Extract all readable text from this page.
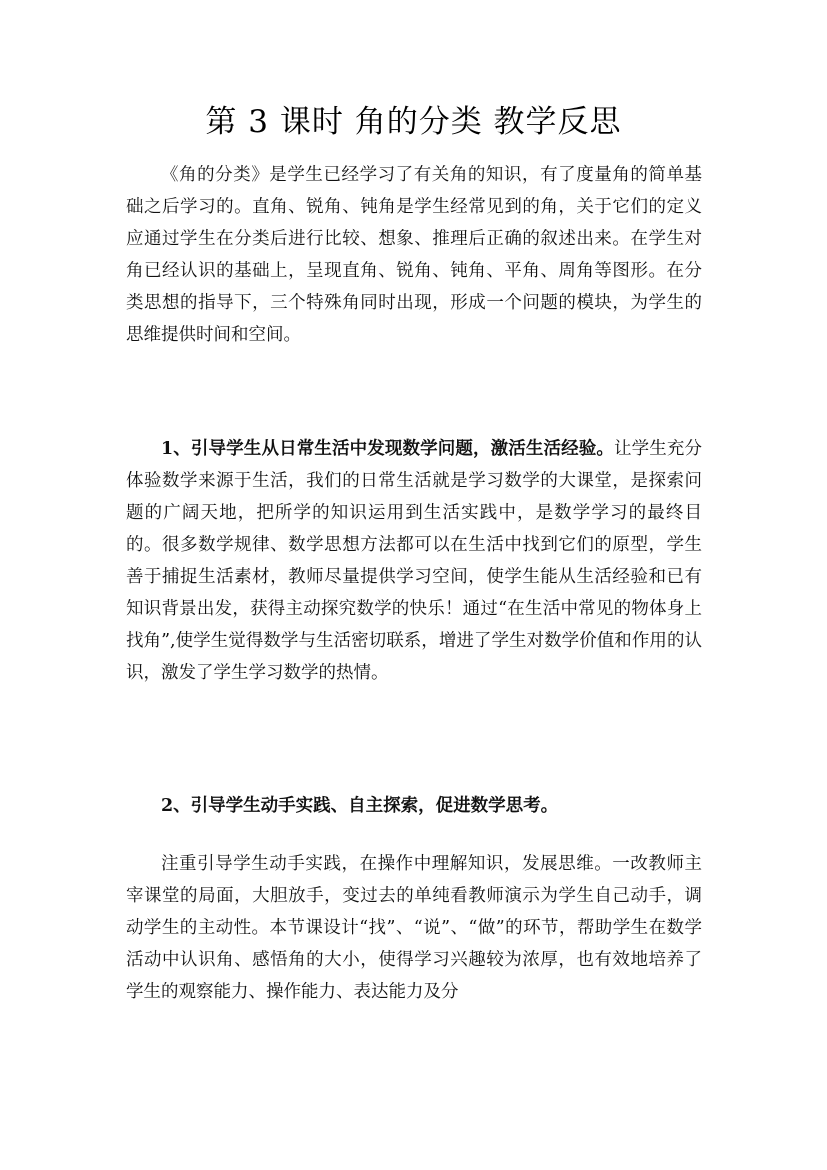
第 3 课时 角的分类 教学反思

《角的分类》是学生已经学习了有关角的知识，有了度量角的简单基础之后学习的。直角、锐角、钝角是学生经常见到的角，关于它们的定义应通过学生在分类后进行比较、想象、推理后正确的叙述出来。在学生对角已经认识的基础上，呈现直角、锐角、钝角、平角、周角等图形。在分类思想的指导下，三个特殊角同时出现，形成一个问题的模块，为学生的思维提供时间和空间。

1、引导学生从日常生活中发现数学问题，激活生活经验。让学生充分体验数学来源于生活，我们的日常生活就是学习数学的大课堂，是探索问题的广阔天地，把所学的知识运用到生活实践中，是数学学习的最终目的。很多数学规律、数学思想方法都可以在生活中找到它们的原型，学生善于捕捉生活素材，教师尽量提供学习空间，使学生能从生活经验和已有知识背景出发，获得主动探究数学的快乐！通过“在生活中常见的物体身上找角”,使学生觉得数学与生活密切联系，增进了学生对数学价值和作用的认识，激发了学生学习数学的热情。

2、引导学生动手实践、自主探索，促进数学思考。

注重引导学生动手实践，在操作中理解知识，发展思维。一改教师主宰课堂的局面，大胆放手，变过去的单纯看教师演示为学生自己动手，调动学生的主动性。本节课设计“找”、“说”、“做”的环节，帮助学生在数学活动中认识角、感悟角的大小，使得学习兴趣较为浓厚，也有效地培养了学生的观察能力、操作能力、表达能力及分
